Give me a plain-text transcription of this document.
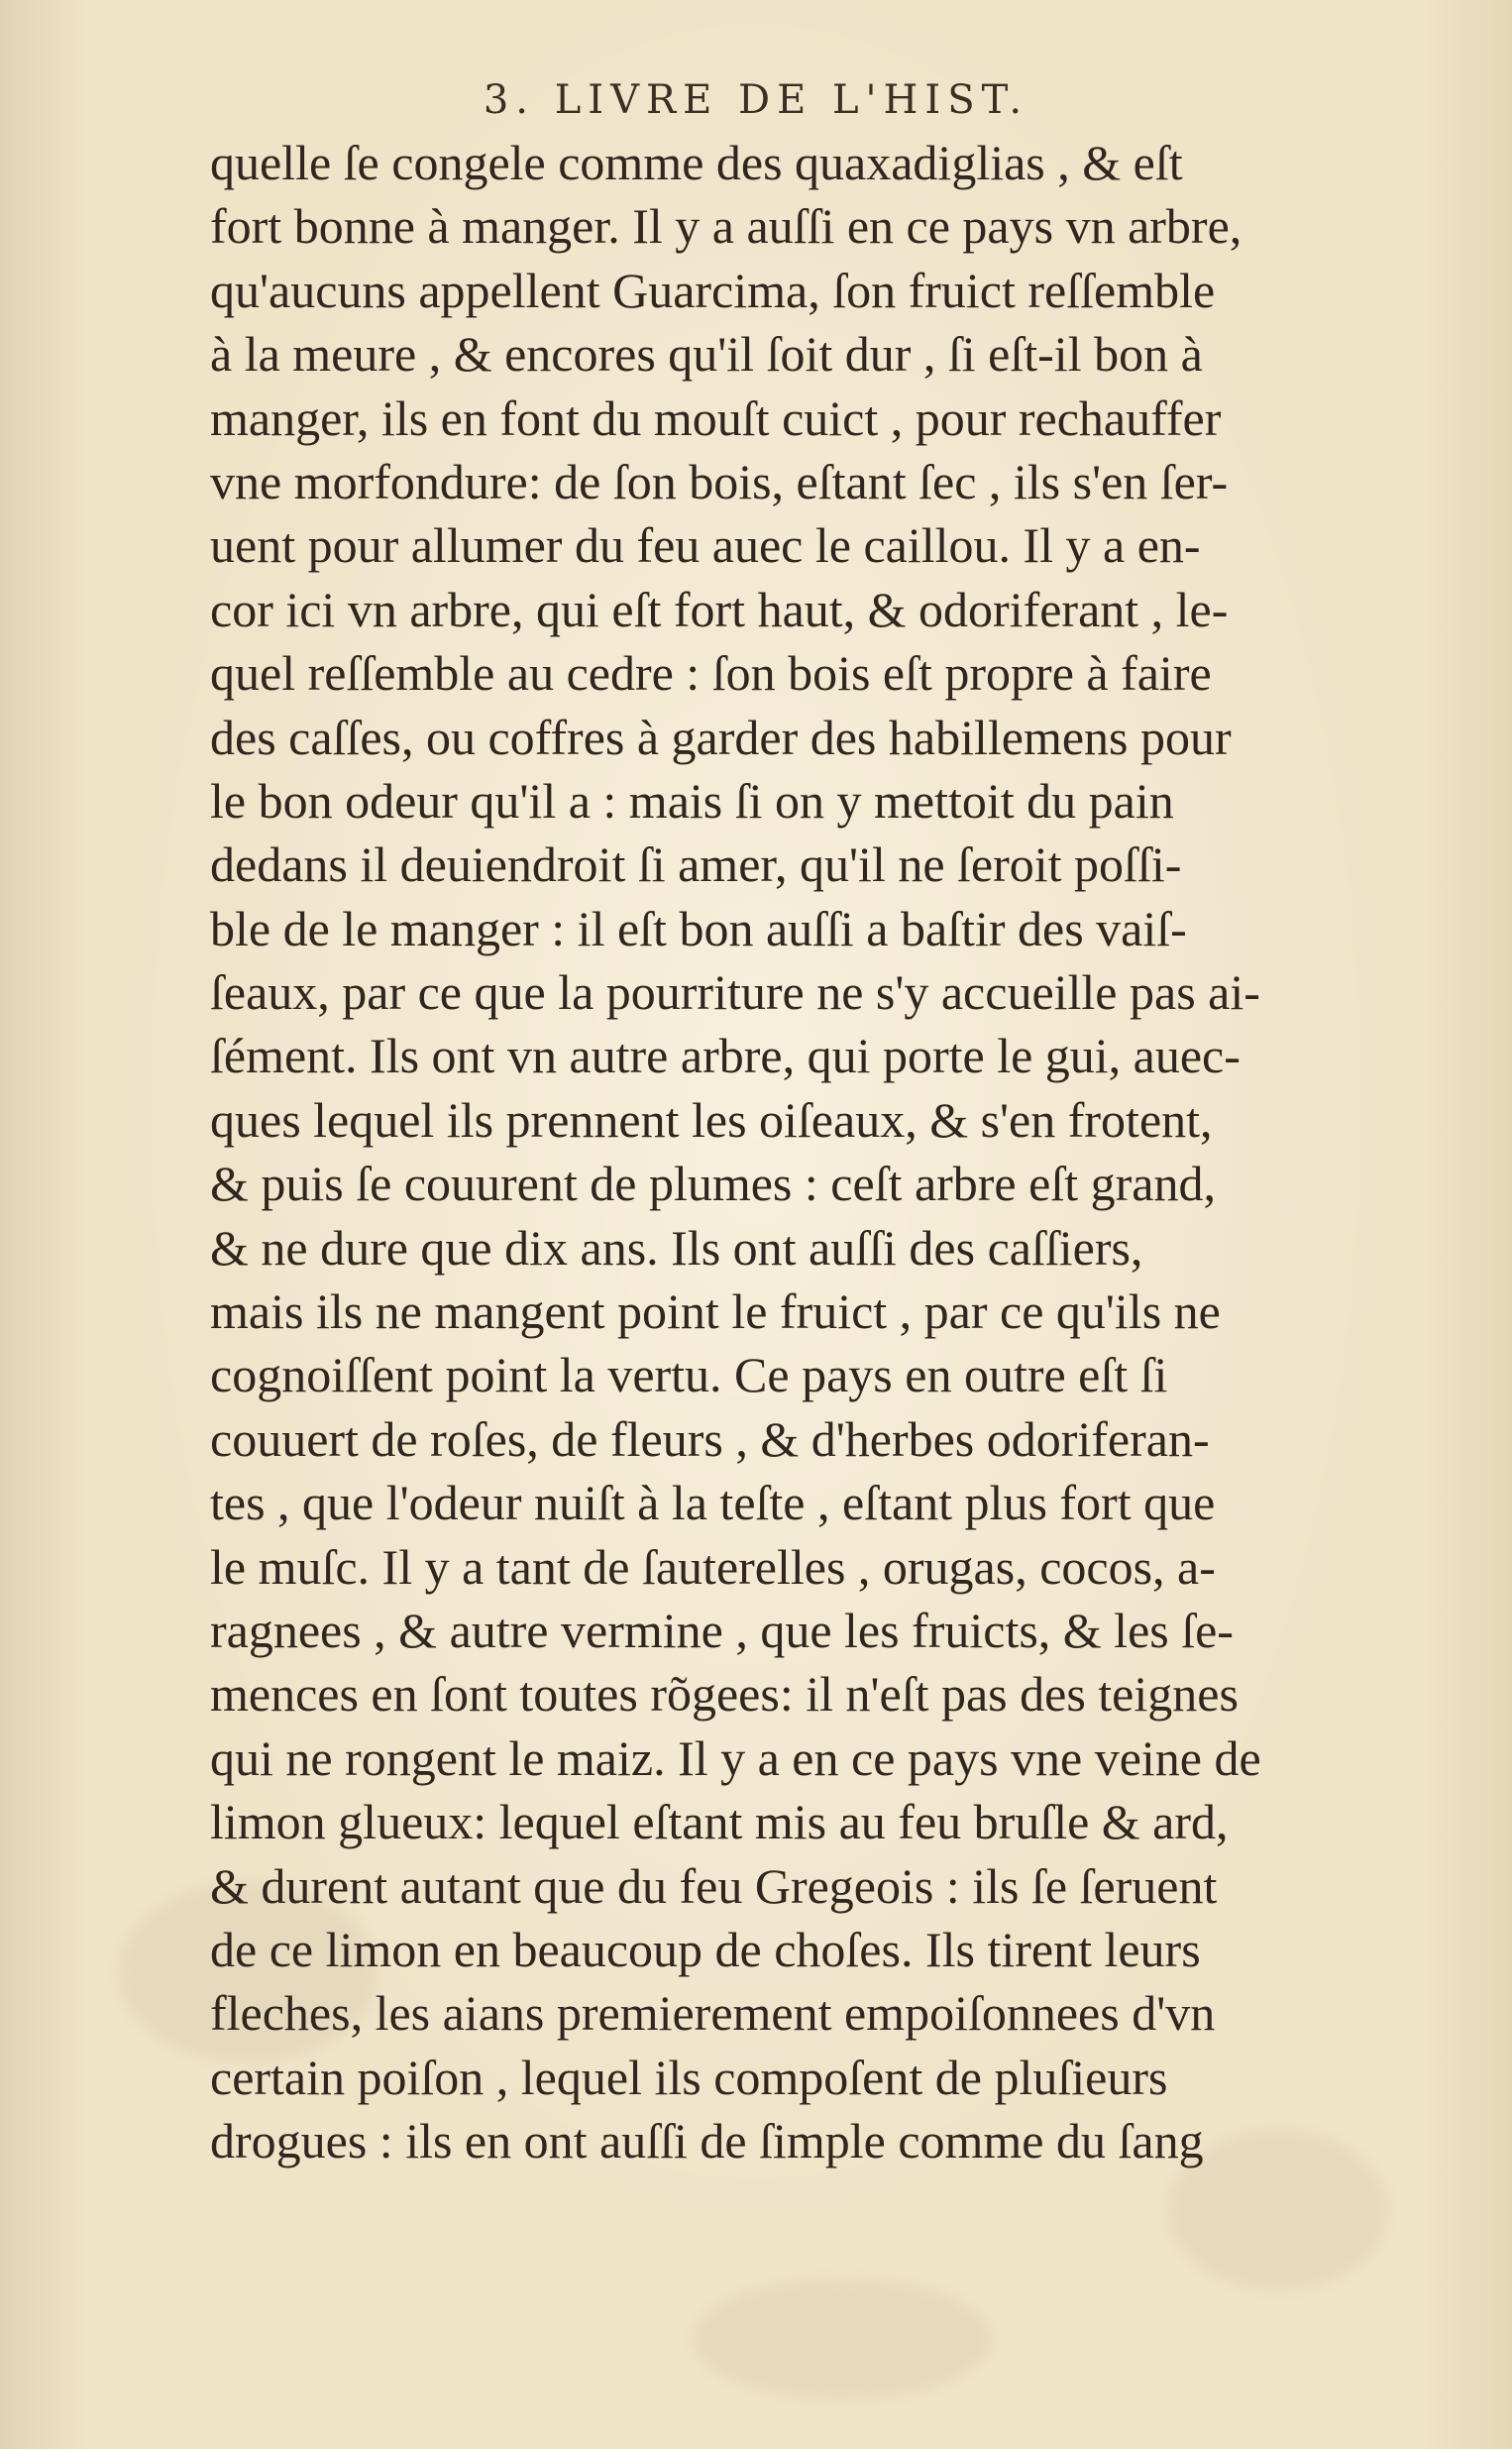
3. LIVRE DE L'HIST.
quelle ſe congele comme des quaxadiglias , & eſt
fort bonne à manger. Il y a auſſi en ce pays vn arbre,
qu'aucuns appellent Guarcima, ſon fruict reſſemble
à la meure , & encores qu'il ſoit dur , ſi eſt-il bon à
manger, ils en font du mouſt cuict , pour rechauffer
vne morfondure: de ſon bois, eſtant ſec , ils s'en ſer-
uent pour allumer du feu auec le caillou. Il y a en-
cor ici vn arbre, qui eſt fort haut, & odoriferant , le-
quel reſſemble au cedre : ſon bois eſt propre à faire
des caſſes, ou coffres à garder des habillemens pour
le bon odeur qu'il a : mais ſi on y mettoit du pain
dedans il deuiendroit ſi amer, qu'il ne ſeroit poſſi-
ble de le manger : il eſt bon auſſi a baſtir des vaiſ-
ſeaux, par ce que la pourriture ne s'y accueille pas ai-
ſément. Ils ont vn autre arbre, qui porte le gui, auec-
ques lequel ils prennent les oiſeaux, & s'en frotent,
& puis ſe couurent de plumes : ceſt arbre eſt grand,
& ne dure que dix ans. Ils ont auſſi des caſſiers,
mais ils ne mangent point le fruict , par ce qu'ils ne
cognoiſſent point la vertu. Ce pays en outre eſt ſi
couuert de roſes, de fleurs , & d'herbes odoriferan-
tes , que l'odeur nuiſt à la teſte , eſtant plus fort que
le muſc. Il y a tant de ſauterelles , orugas, cocos, a-
ragnees , & autre vermine , que les fruicts, & les ſe-
mences en ſont toutes rõgees: il n'eſt pas des teignes
qui ne rongent le maiz. Il y a en ce pays vne veine de
limon glueux: lequel eſtant mis au feu bruſle & ard,
& durent autant que du feu Gregeois : ils ſe ſeruent
de ce limon en beaucoup de choſes. Ils tirent leurs
fleches, les aians premierement empoiſonnees d'vn
certain poiſon , lequel ils compoſent de pluſieurs
drogues : ils en ont auſſi de ſimple comme du ſang
